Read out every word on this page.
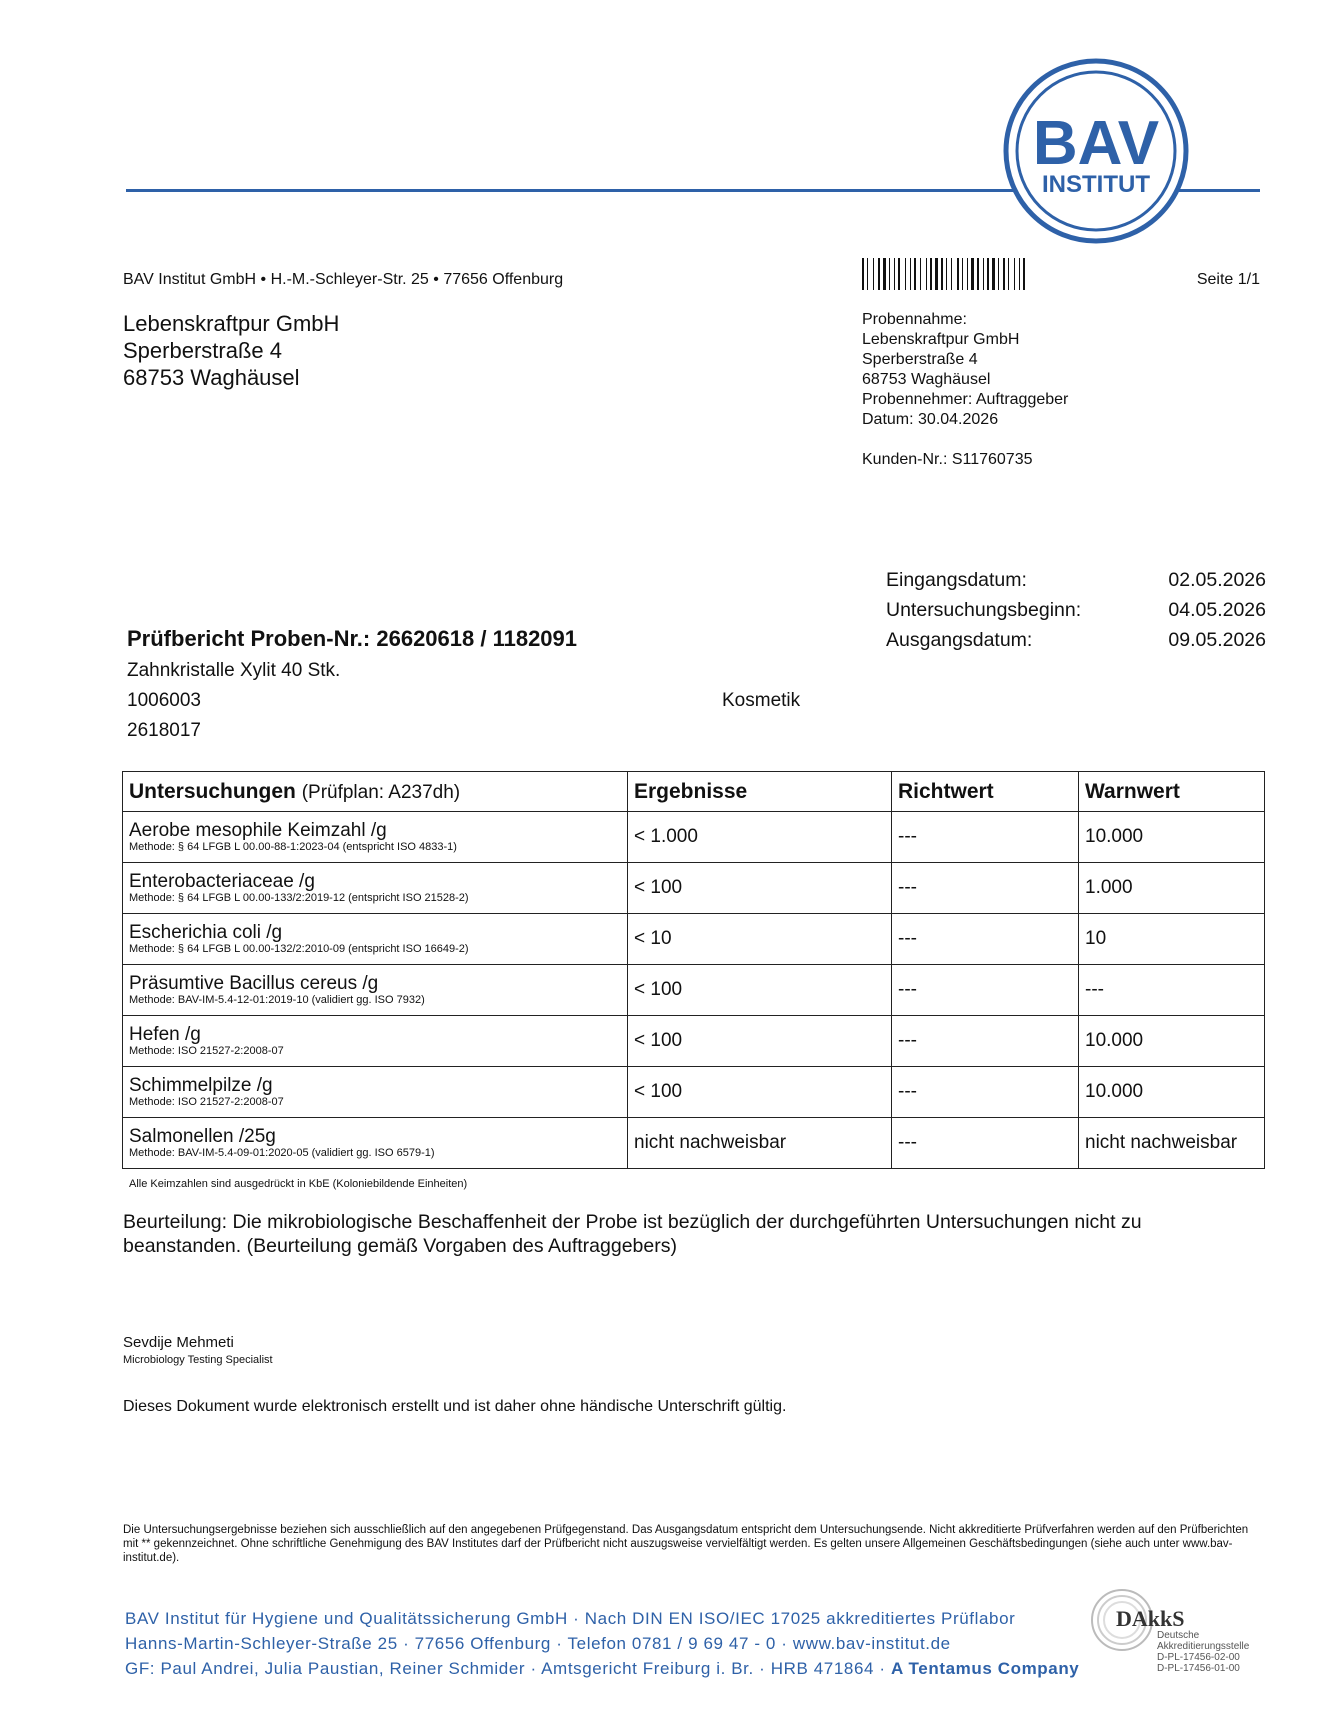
BAV
INSTITUT
BAV Institut GmbH • H.-M.-Schleyer-Str. 25 • 77656 Offenburg	Seite 1/1
Lebenskraftpur GmbH
Sperberstraße 4
68753 Waghäusel
Probennahme:
Lebenskraftpur GmbH
Sperberstraße 4
68753 Waghäusel
Probennehmer: Auftraggeber
Datum: 30.04.2026
Kunden-Nr.: S11760735
Eingangsdatum:	02.05.2026
Untersuchungsbeginn:	04.05.2026
Ausgangsdatum:	09.05.2026
Prüfbericht Proben-Nr.: 26620618 / 1182091
Zahnkristalle Xylit 40 Stk.
1006003	Kosmetik
2618017
Untersuchungen (Prüfplan: A237dh)	Ergebnisse	Richtwert	Warnwert

Aerobe mesophile Keimzahl /g
Methode: § 64 LFGB L 00.00-88-1:2023-04 (entspricht ISO 4833-1)	< 1.000	---	10.000

Enterobacteriaceae /g
Methode: § 64 LFGB L 00.00-133/2:2019-12 (entspricht ISO 21528-2)	< 100	---	1.000

Escherichia coli /g
Methode: § 64 LFGB L 00.00-132/2:2010-09 (entspricht ISO 16649-2)	< 10	---	10

Präsumtive Bacillus cereus /g
Methode: BAV-IM-5.4-12-01:2019-10 (validiert gg. ISO 7932)	< 100	---	---

Hefen /g
Methode: ISO 21527-2:2008-07	< 100	---	10.000

Schimmelpilze /g
Methode: ISO 21527-2:2008-07	< 100	---	10.000

Salmonellen /25g
Methode: BAV-IM-5.4-09-01:2020-05 (validiert gg. ISO 6579-1)	nicht nachweisbar	---	nicht nachweisbar
Alle Keimzahlen sind ausgedrückt in KbE (Koloniebildende Einheiten)
Beurteilung: Die mikrobiologische Beschaffenheit der Probe ist bezüglich der durchgeführten Untersuchungen nicht zu beanstanden. (Beurteilung gemäß Vorgaben des Auftraggebers)
Sevdije Mehmeti
Microbiology Testing Specialist
Dieses Dokument wurde elektronisch erstellt und ist daher ohne händische Unterschrift gültig.
Die Untersuchungsergebnisse beziehen sich ausschließlich auf den angegebenen Prüfgegenstand. Das Ausgangsdatum entspricht dem Untersuchungsende. Nicht akkreditierte Prüfverfahren werden auf den Prüfberichten mit ** gekennzeichnet. Ohne schriftliche Genehmigung des BAV Institutes darf der Prüfbericht nicht auszugsweise vervielfältigt werden. Es gelten unsere Allgemeinen Geschäftsbedingungen (siehe auch unter www.bav-institut.de).
BAV Institut für Hygiene und Qualitätssicherung GmbH · Nach DIN EN ISO/IEC 17025 akkreditiertes Prüflabor
Hanns-Martin-Schleyer-Straße 25 · 77656 Offenburg · Telefon 0781 / 9 69 47 - 0 · www.bav-institut.de
GF: Paul Andrei, Julia Paustian, Reiner Schmider · Amtsgericht Freiburg i. Br. · HRB 471864 · A Tentamus Company
DAkkS
Deutsche
Akkreditierungsstelle
D-PL-17456-02-00
D-PL-17456-01-00
